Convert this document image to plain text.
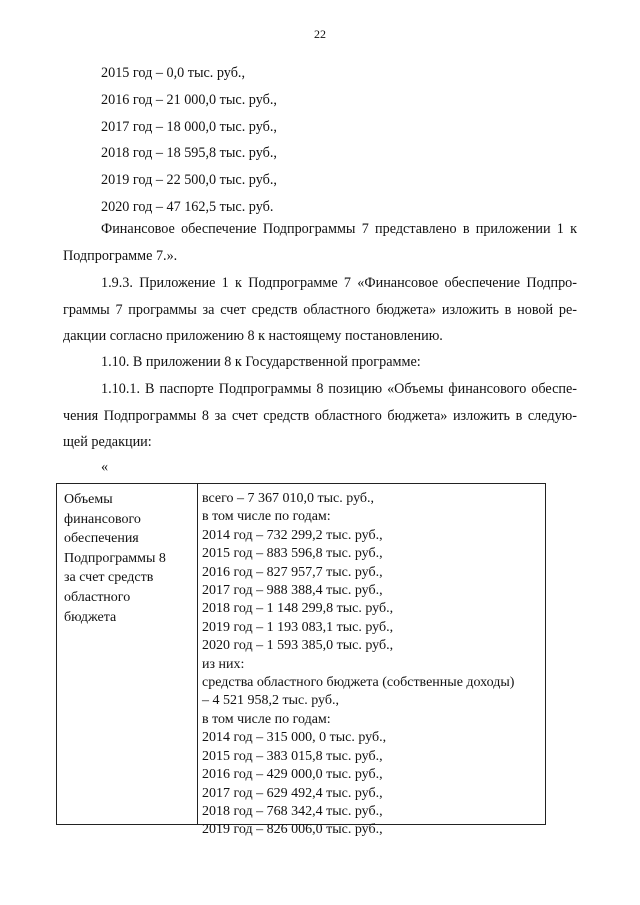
22
2015 год – 0,0 тыс. руб.,
2016 год – 21 000,0 тыс. руб.,
2017 год – 18 000,0 тыс. руб.,
2018 год – 18 595,8 тыс. руб.,
2019 год – 22 500,0 тыс. руб.,
2020 год – 47 162,5 тыс. руб.
Финансовое обеспечение Подпрограммы 7 представлено в приложении 1 к
Подпрограмме 7.».
1.9.3. Приложение 1 к Подпрограмме 7 «Финансовое обеспечение Подпро-
граммы 7 программы за счет средств областного бюджета» изложить в новой ре-
дакции согласно приложению 8 к настоящему постановлению.
1.10. В приложении 8 к Государственной программе:
1.10.1. В паспорте Подпрограммы 8 позицию «Объемы финансового обеспе-
чения Подпрограммы 8 за счет средств областного бюджета» изложить в следую-
щей редакции:
«
Объемы
финансового
обеспечения
Подпрограммы 8
за счет средств
областного
бюджета
всего – 7 367 010,0 тыс. руб.,
в том числе по годам:
2014 год – 732 299,2 тыс. руб.,
2015 год – 883 596,8 тыс. руб.,
2016 год – 827 957,7 тыс. руб.,
2017 год – 988 388,4 тыс. руб.,
2018 год – 1 148 299,8 тыс. руб.,
2019 год – 1 193 083,1 тыс. руб.,
2020 год – 1 593 385,0 тыс. руб.,
из них:
средства областного бюджета (собственные доходы)
– 4 521 958,2 тыс. руб.,
в том числе по годам:
2014 год – 315 000, 0 тыс. руб.,
2015 год – 383 015,8 тыс. руб.,
2016 год – 429 000,0 тыс. руб.,
2017 год – 629 492,4 тыс. руб.,
2018 год – 768 342,4 тыс. руб.,
2019 год – 826 006,0 тыс. руб.,
